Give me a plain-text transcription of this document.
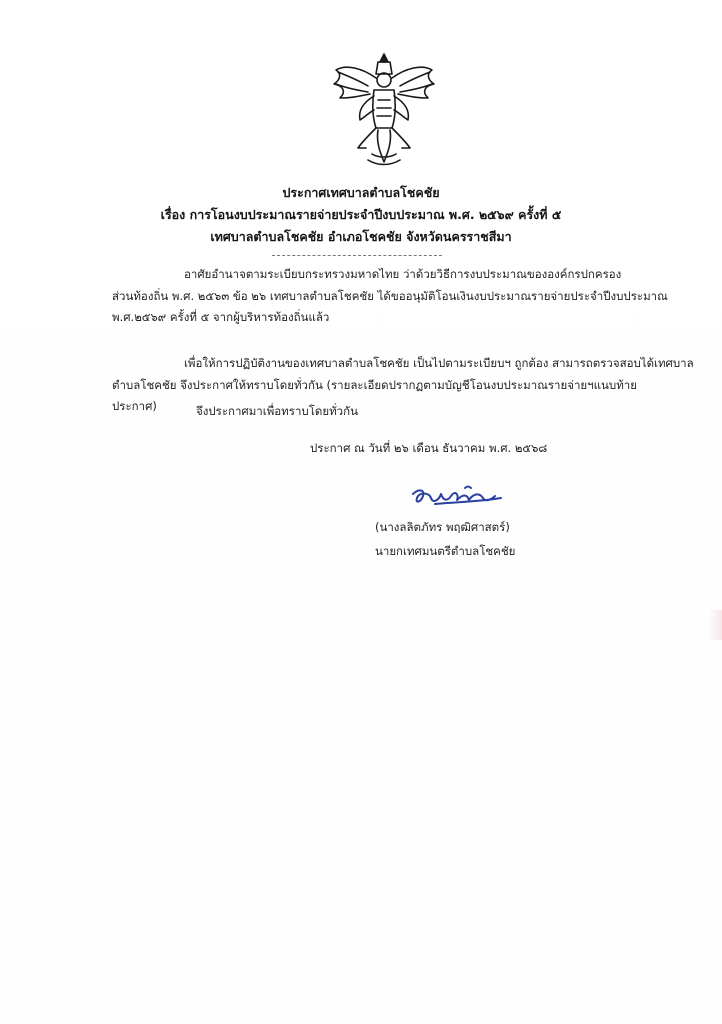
ประกาศเทศบาลตำบลโชคชัย
เรื่อง การโอนงบประมาณรายจ่ายประจำปีงบประมาณ พ.ศ. ๒๕๖๙ ครั้งที่ ๕
เทศบาลตำบลโชคชัย อำเภอโชคชัย จังหวัดนครราชสีมา
อาศัยอำนาจตามระเบียบกระทรวงมหาดไทย ว่าด้วยวิธีการงบประมาณขององค์กรปกครอง
ส่วนท้องถิ่น พ.ศ. ๒๕๖๓ ข้อ ๒๖ เทศบาลตำบลโชคชัย ได้ขออนุมัติโอนเงินงบประมาณรายจ่ายประจำปีงบประมาณ
พ.ศ.๒๕๖๙ ครั้งที่ ๕ จากผู้บริหารท้องถิ่นแล้ว
เพื่อให้การปฏิบัติงานของเทศบาลตำบลโชคชัย เป็นไปตามระเบียบฯ ถูกต้อง สามารถตรวจสอบได้เทศบาล
ตำบลโชคชัย จึงประกาศให้ทราบโดยทั่วกัน (รายละเอียดปรากฏตามบัญชีโอนงบประมาณรายจ่ายฯแนบท้าย
ประกาศ)	จึงประกาศมาเพื่อทราบโดยทั่วกัน
ประกาศ ณ วันที่ ๒๖ เดือน ธันวาคม พ.ศ. ๒๕๖๘
(นางลลิตภัทร พฤฒิศาสตร์)
นายกเทศมนตรีตำบลโชคชัย
